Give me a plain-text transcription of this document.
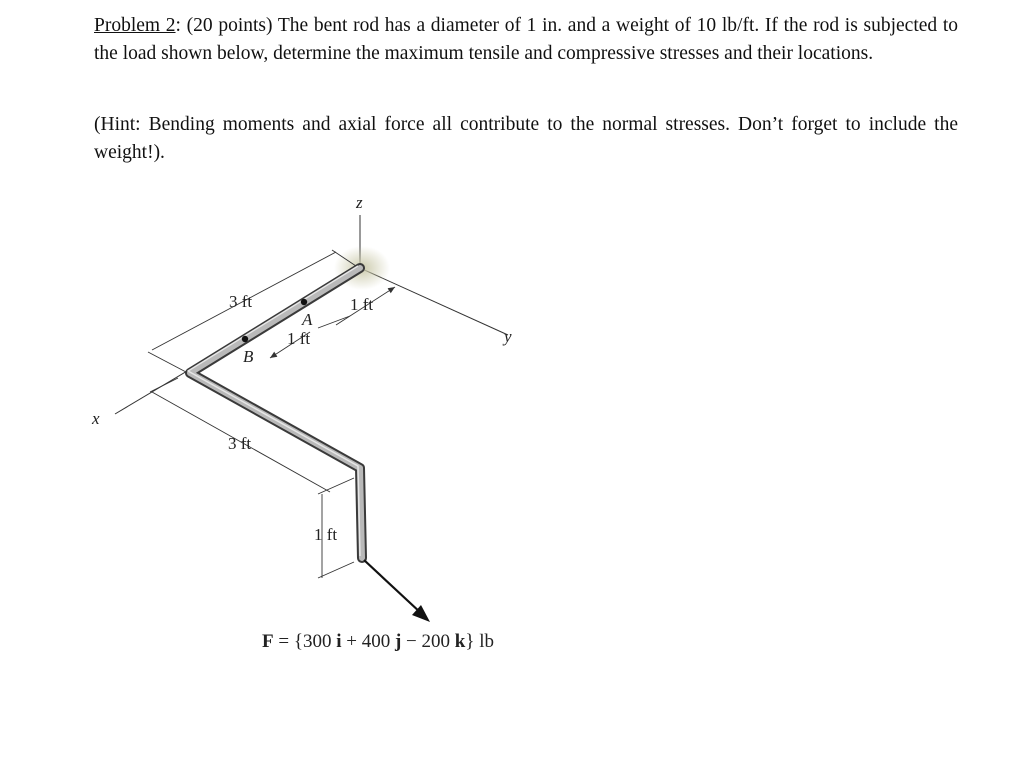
Problem 2: (20 points) The bent rod has a diameter of 1 in. and a weight of 10 lb/ft. If the rod is subjected to the load shown below, determine the maximum tensile and compressive stresses and their locations.

(Hint: Bending moments and axial force all contribute to the normal stresses. Don’t forget to include the weight!).

z
y
x
3 ft	1 ft
A
1 ft
B
3 ft
1 ft
F = {300 i + 400 j − 200 k} lb
